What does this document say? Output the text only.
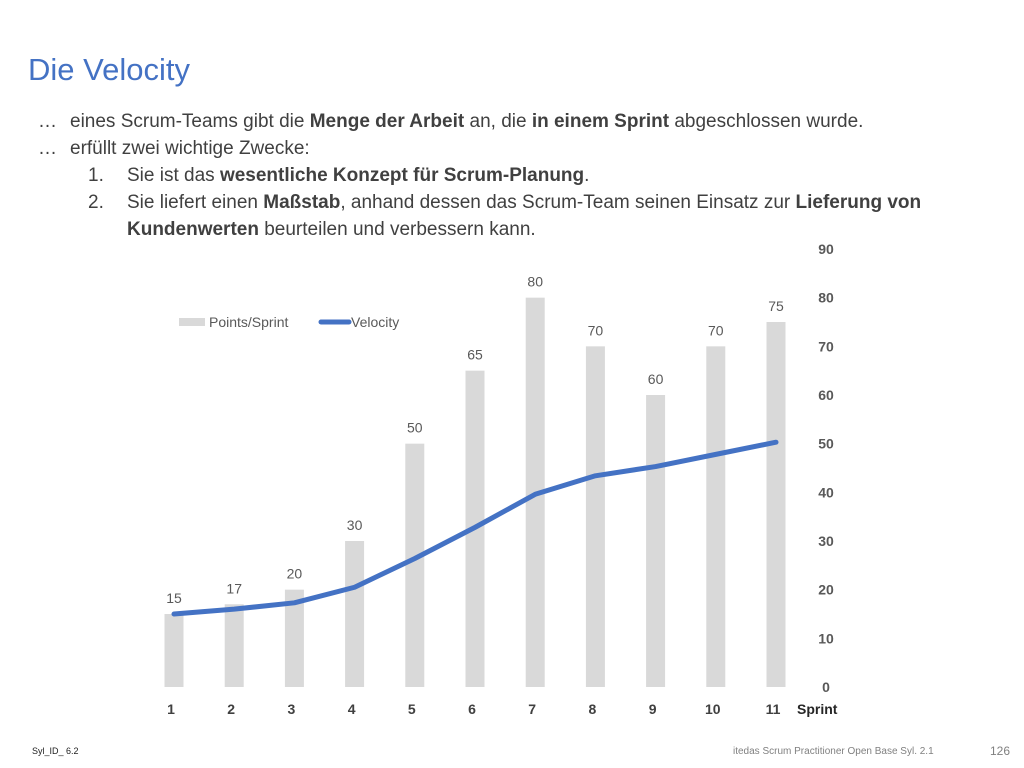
Die Velocity
… eines Scrum-Teams gibt die Menge der Arbeit an, die in einem Sprint abgeschlossen wurde.
… erfüllt zwei wichtige Zwecke:
1. Sie ist das wesentliche Konzept für Scrum-Planung.
2. Sie liefert einen Maßstab, anhand dessen das Scrum-Team seinen Einsatz zur Lieferung von Kundenwerten beurteilen und verbessern kann.
15
17
20
30
50
65
80
70
60
70
75
1	2	3	4	5	6	7	8	9	10	11 Sprint
0
10
20
30
40
50
60
70
80
90
Points/Sprint	Velocity
Syl_ID_ 6.2	itedas Scrum Practitioner Open Base Syl. 2.1	126
